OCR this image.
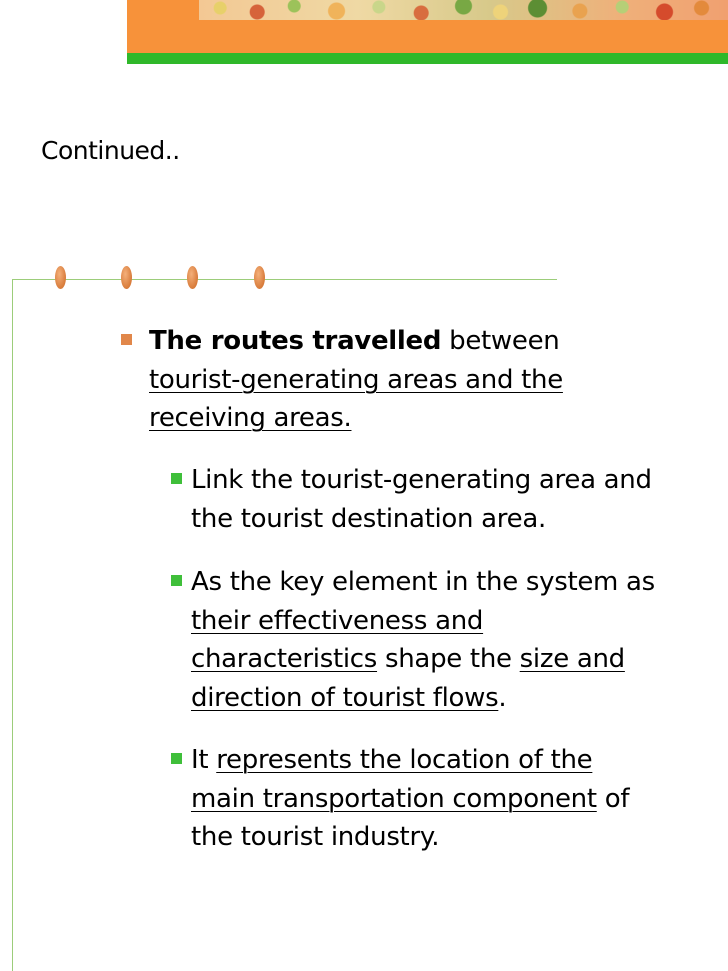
Continued..
The routes travelled between tourist-generating areas and the receiving areas.
Link the tourist-generating area and the tourist destination area.
As the key element in the system as their effectiveness and characteristics shape the size and direction of tourist flows.
It represents the location of the main transportation component of the tourist industry.
